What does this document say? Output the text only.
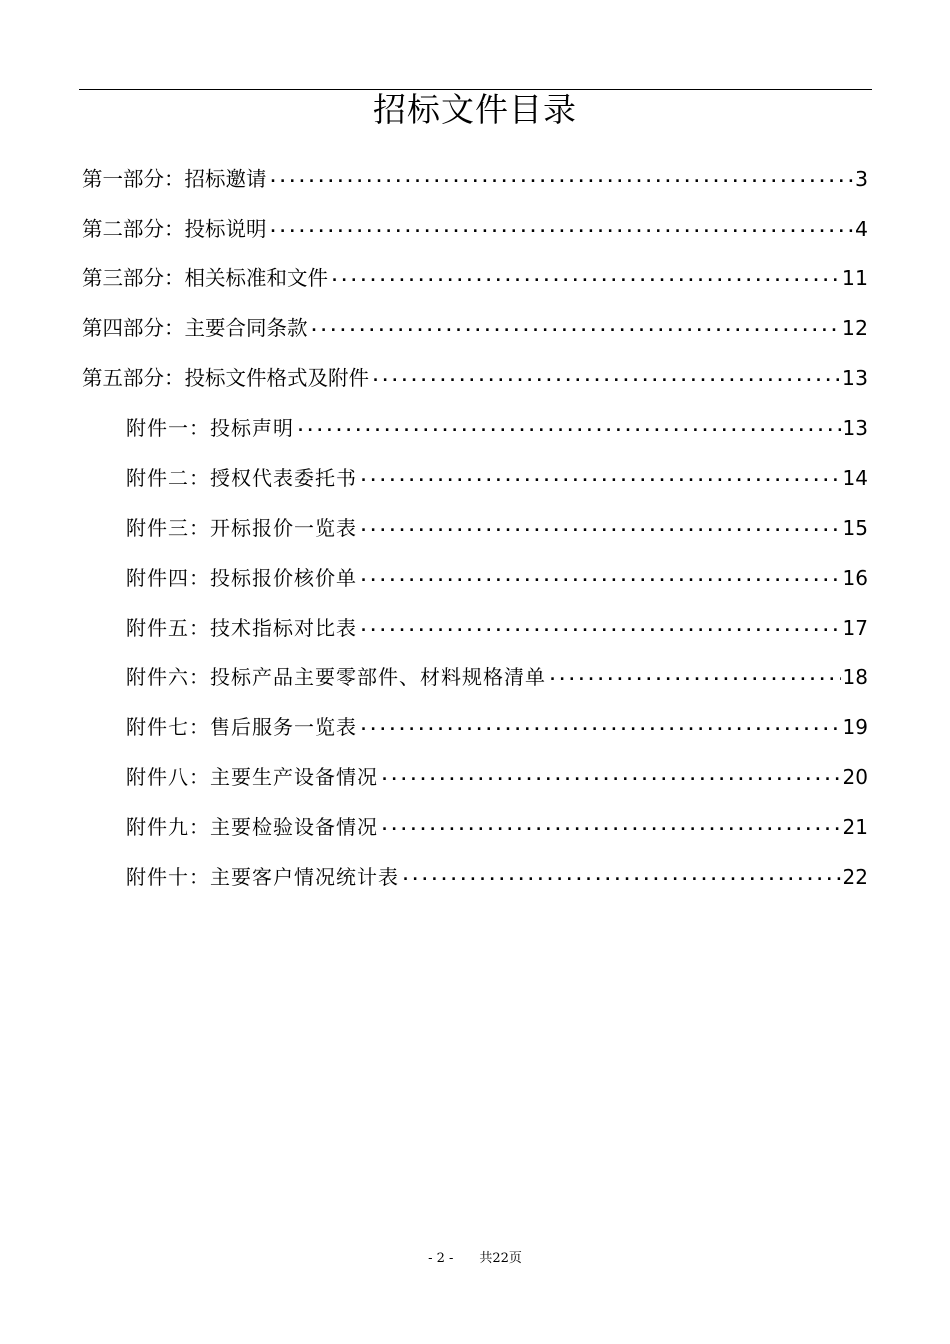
招标文件目录
第一部分：招标邀请 ·····	3
第二部分：投标说明 ·····	4
第三部分：相关标准和文件 ·····	11
第四部分：主要合同条款 ·····	12
第五部分：投标文件格式及附件 ·····	13
附件一：投标声明 ·····	13
附件二：授权代表委托书 ·····	14
附件三：开标报价一览表 ·····	15
附件四：投标报价核价单 ·····	16
附件五：技术指标对比表 ·····	17
附件六：投标产品主要零部件、材料规格清单 ·····	18
附件七：售后服务一览表 ·····	19
附件八：主要生产设备情况 ·····	20
附件九：主要检验设备情况 ·····	21
附件十：主要客户情况统计表 ·····	22
- 2 - 共22页
